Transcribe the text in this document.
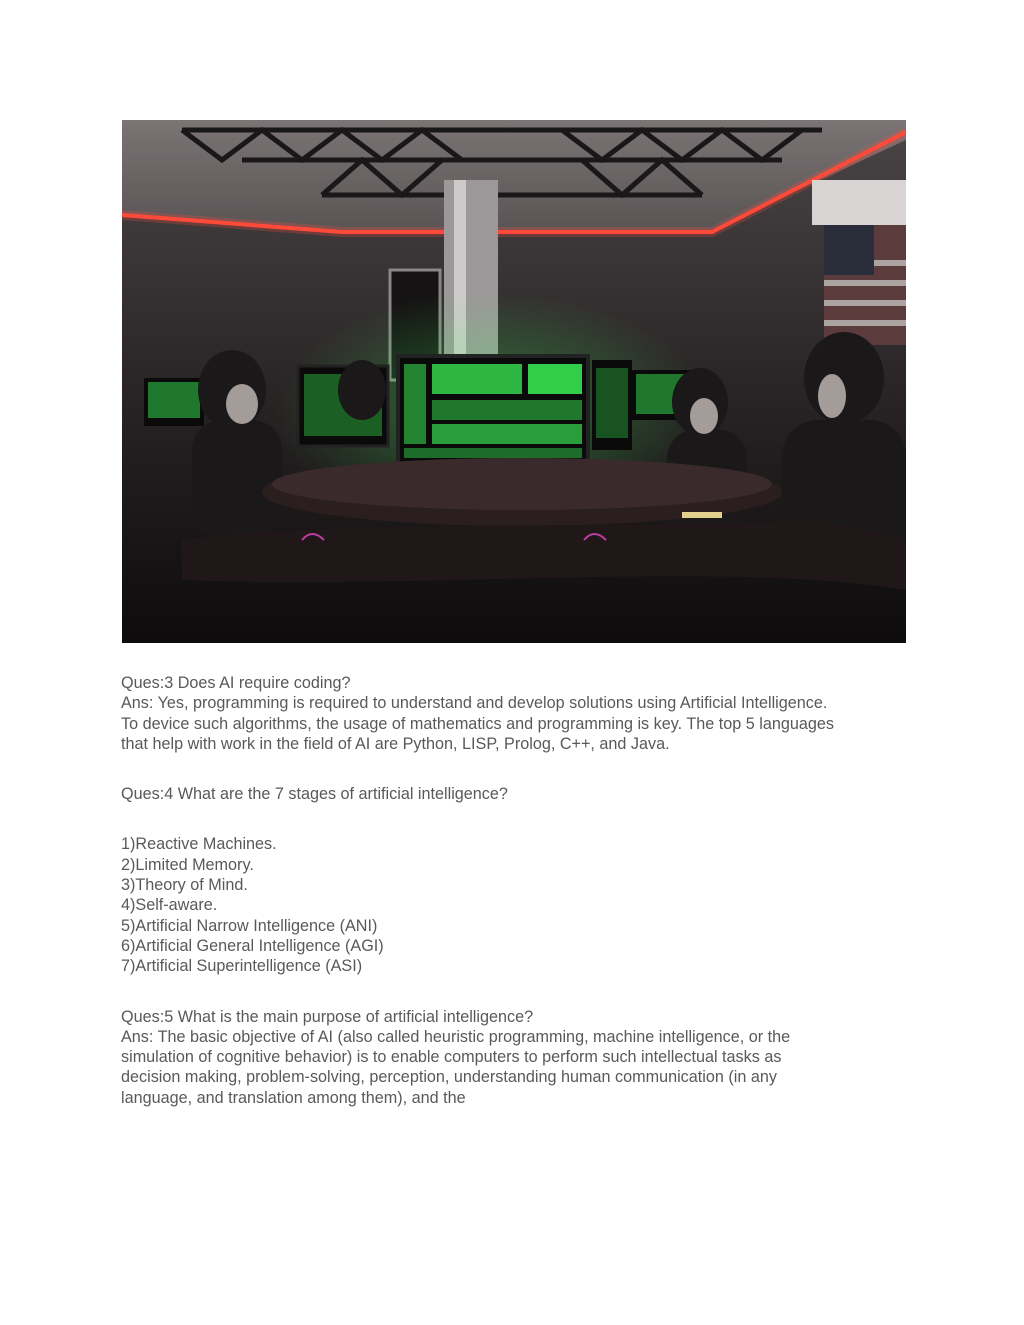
Ques:3 Does AI require coding?

Ans: Yes, programming is required to understand and develop solutions using Artificial Intelligence.

To device such algorithms, the usage of mathematics and programming is key. The top 5 languages

that help with work in the field of AI are Python, LISP, Prolog, C++, and Java.

Ques:4 What are the 7 stages of artificial intelligence?

1)Reactive Machines.

2)Limited Memory.

3)Theory of Mind.

4)Self-aware.

5)Artificial Narrow Intelligence (ANI)

6)Artificial General Intelligence (AGI)

7)Artificial Superintelligence (ASI)

Ques:5 What is the main purpose of artificial intelligence?

Ans: The basic objective of AI (also called heuristic programming, machine intelligence, or the

simulation of cognitive behavior) is to enable computers to perform such intellectual tasks as

decision making, problem-solving, perception, understanding human communication (in any

language, and translation among them), and the
